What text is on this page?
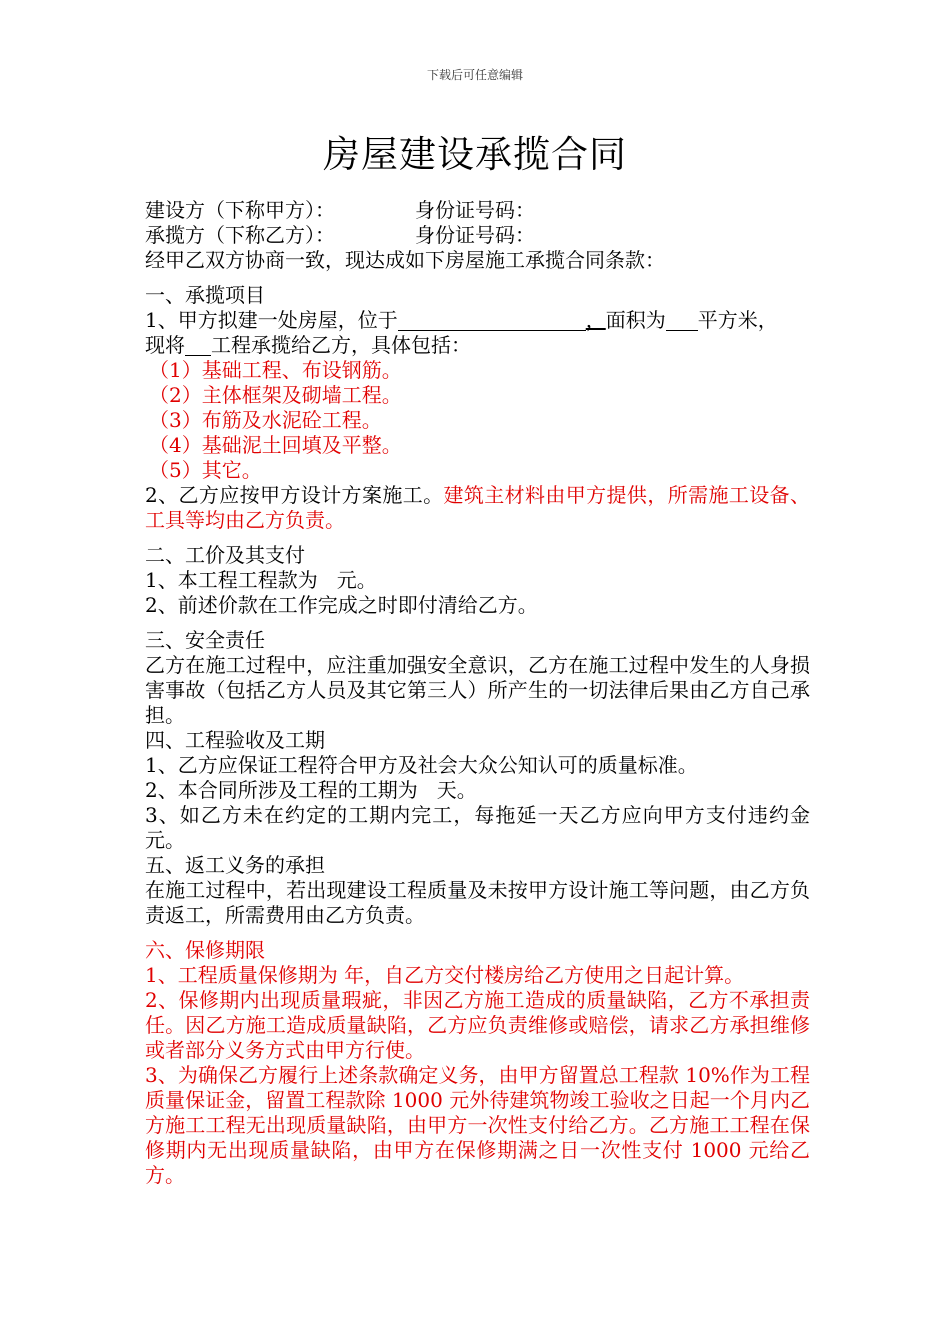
下载后可任意编辑
房屋建设承揽合同
建设方（下称甲方）：	身份证号码：
承揽方（下称乙方）：	身份证号码：
经甲乙双方协商一致，现达成如下房屋施工承揽合同条款：
一、承揽项目
1、甲方拟建一处房屋，位于	，面积为 平方米，
现将 工程承揽给乙方，具体包括：
（1）基础工程、布设钢筋。
（2）主体框架及砌墙工程。
（3）布筋及水泥砼工程。
（4）基础泥土回填及平整。
（5）其它。
2、乙方应按甲方设计方案施工。建筑主材料由甲方提供，所需施工设备、工具等均由乙方负责。
二、工价及其支付
1、本工程工程款为   元。
2、前述价款在工作完成之时即付清给乙方。
三、安全责任
乙方在施工过程中，应注重加强安全意识，乙方在施工过程中发生的人身损害事故（包括乙方人员及其它第三人）所产生的一切法律后果由乙方自己承担。
四、工程验收及工期
1、乙方应保证工程符合甲方及社会大众公知认可的质量标准。
2、本合同所涉及工程的工期为   天。
3、如乙方未在约定的工期内完工，每拖延一天乙方应向甲方支付违约金    元。
五、返工义务的承担
在施工过程中，若出现建设工程质量及未按甲方设计施工等问题，由乙方负责返工，所需费用由乙方负责。
六、保修期限
1、工程质量保修期为 年，自乙方交付楼房给乙方使用之日起计算。
2、保修期内出现质量瑕疵，非因乙方施工造成的质量缺陷，乙方不承担责任。因乙方施工造成质量缺陷，乙方应负责维修或赔偿，请求乙方承担维修或者部分义务方式由甲方行使。
3、为确保乙方履行上述条款确定义务，由甲方留置总工程款 10%作为工程质量保证金，留置工程款除 1000 元外待建筑物竣工验收之日起一个月内乙方施工工程无出现质量缺陷，由甲方一次性支付给乙方。乙方施工工程在保修期内无出现质量缺陷，由甲方在保修期满之日一次性支付 1000 元给乙方。
